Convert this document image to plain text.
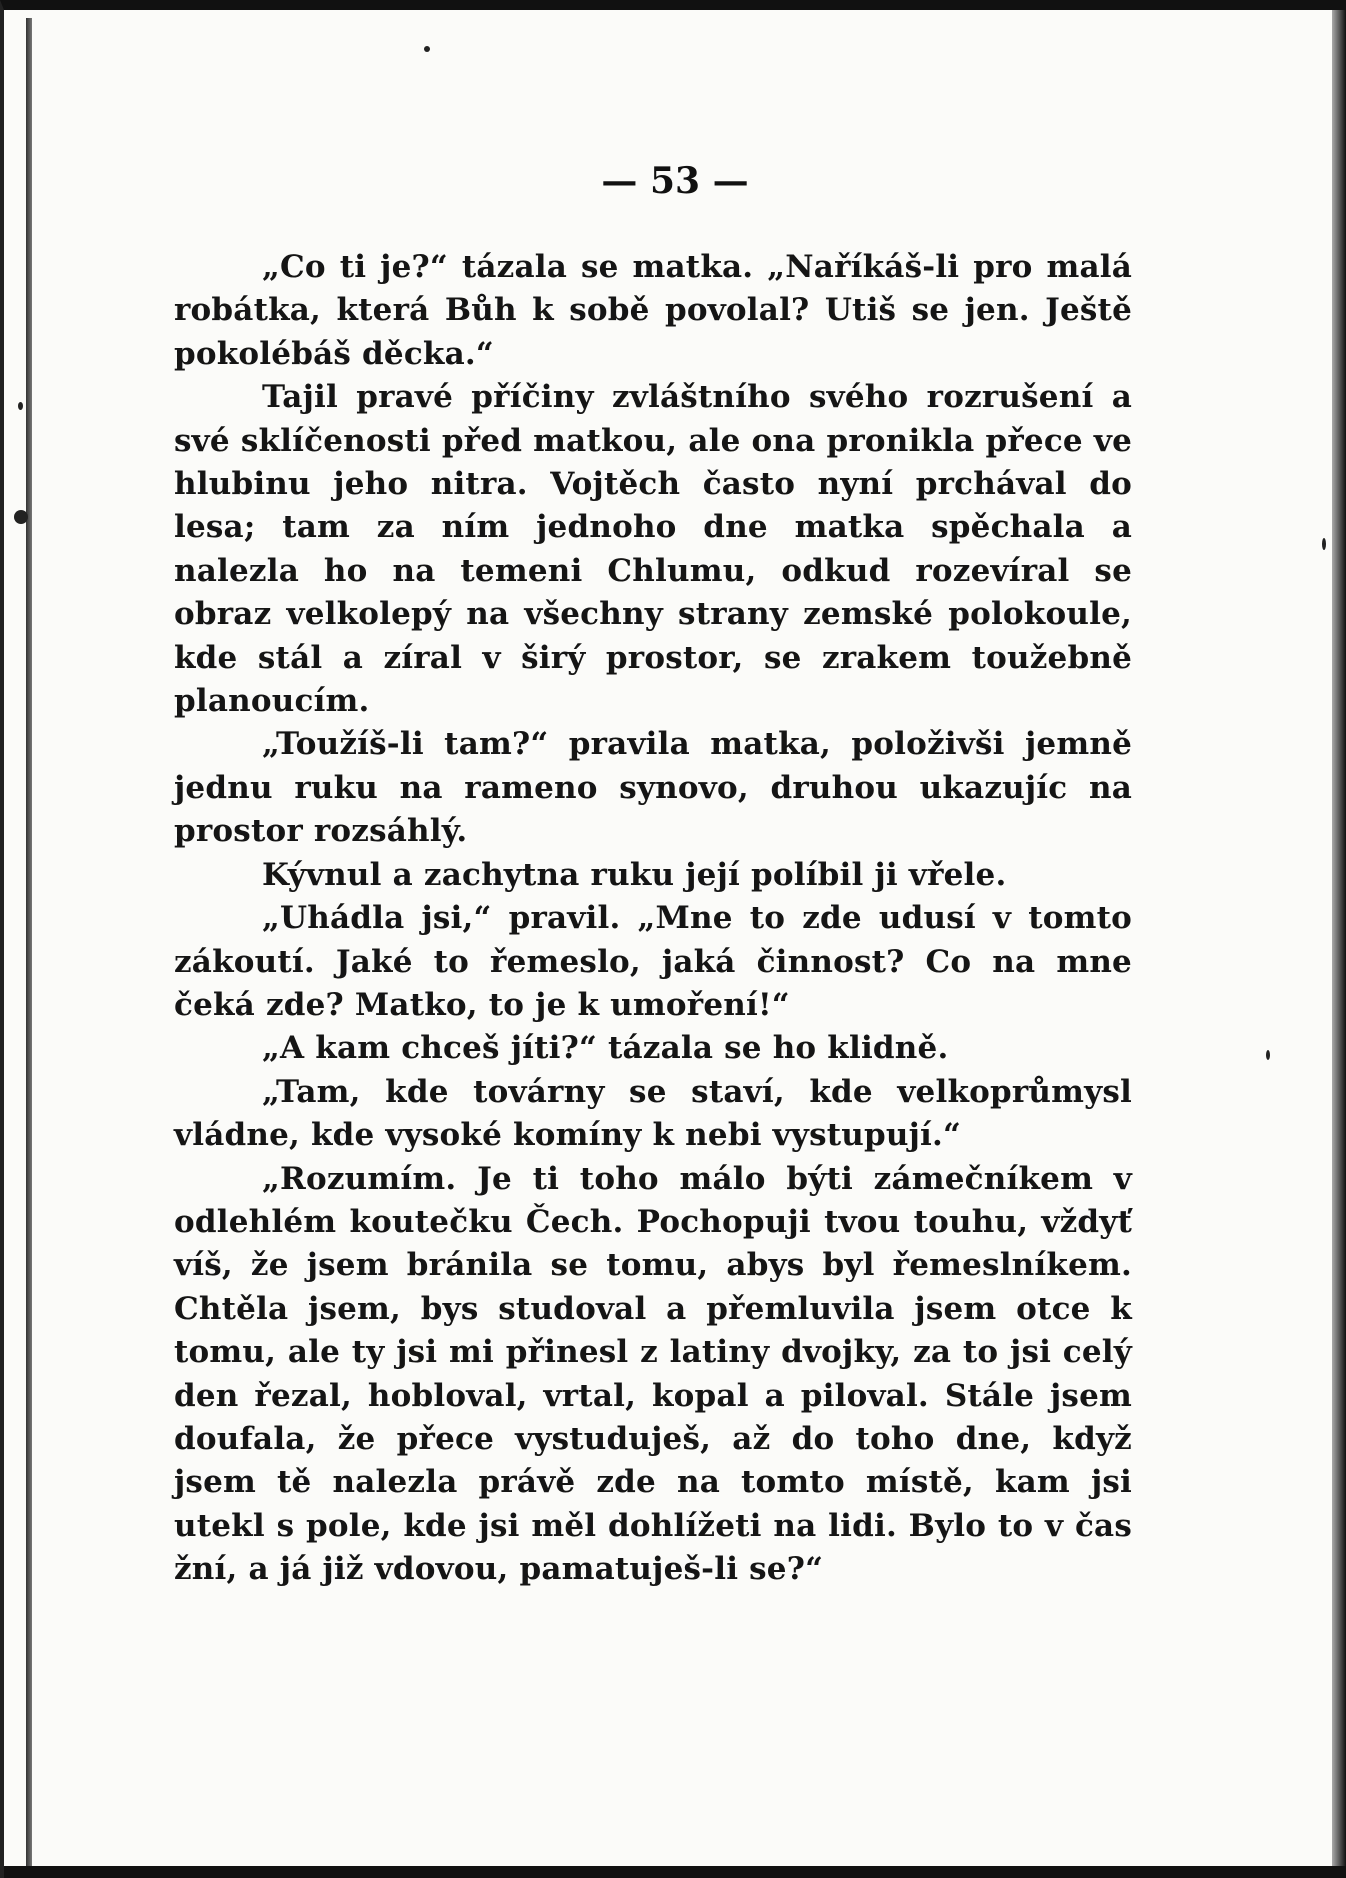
— 53 —

„Co ti je?“ tázala se matka. „Naříkáš-li pro malá robátka, která Bůh k sobě povolal? Utiš se jen. Ještě pokolébáš děcka.“

Tajil pravé příčiny zvláštního svého rozrušení a své sklíčenosti před matkou, ale ona pronikla přece ve hlubinu jeho nitra. Vojtěch často nyní prchával do lesa; tam za ním jednoho dne matka spěchala a nalezla ho na temeni Chlumu, odkud rozevíral se obraz velkolepý na všechny strany zemské polokoule, kde stál a zíral v širý prostor, se zrakem toužebně planoucím.

„Toužíš-li tam?“ pravila matka, položivši jemně jednu ruku na rameno synovo, druhou ukazujíc na prostor rozsáhlý.

Kývnul a zachytna ruku její políbil ji vřele.

„Uhádla jsi,“ pravil. „Mne to zde udusí v tomto zákoutí. Jaké to řemeslo, jaká činnost? Co na mne čeká zde? Matko, to je k umoření!“

„A kam chceš jíti?“ tázala se ho klidně.

„Tam, kde továrny se staví, kde velkoprůmysl vládne, kde vysoké komíny k nebi vystupují.“

„Rozumím. Je ti toho málo býti zámečníkem v odlehlém koutečku Čech. Pochopuji tvou touhu, vždyť víš, že jsem bránila se tomu, abys byl řemeslníkem. Chtěla jsem, bys studoval a přemluvila jsem otce k tomu, ale ty jsi mi přinesl z latiny dvojky, za to jsi celý den řezal, hobloval, vrtal, kopal a piloval. Stále jsem doufala, že přece vystuduješ, až do toho dne, když jsem tě nalezla právě zde na tomto místě, kam jsi utekl s pole, kde jsi měl dohlížeti na lidi. Bylo to v čas žní, a já již vdovou, pamatuješ-li se?“
